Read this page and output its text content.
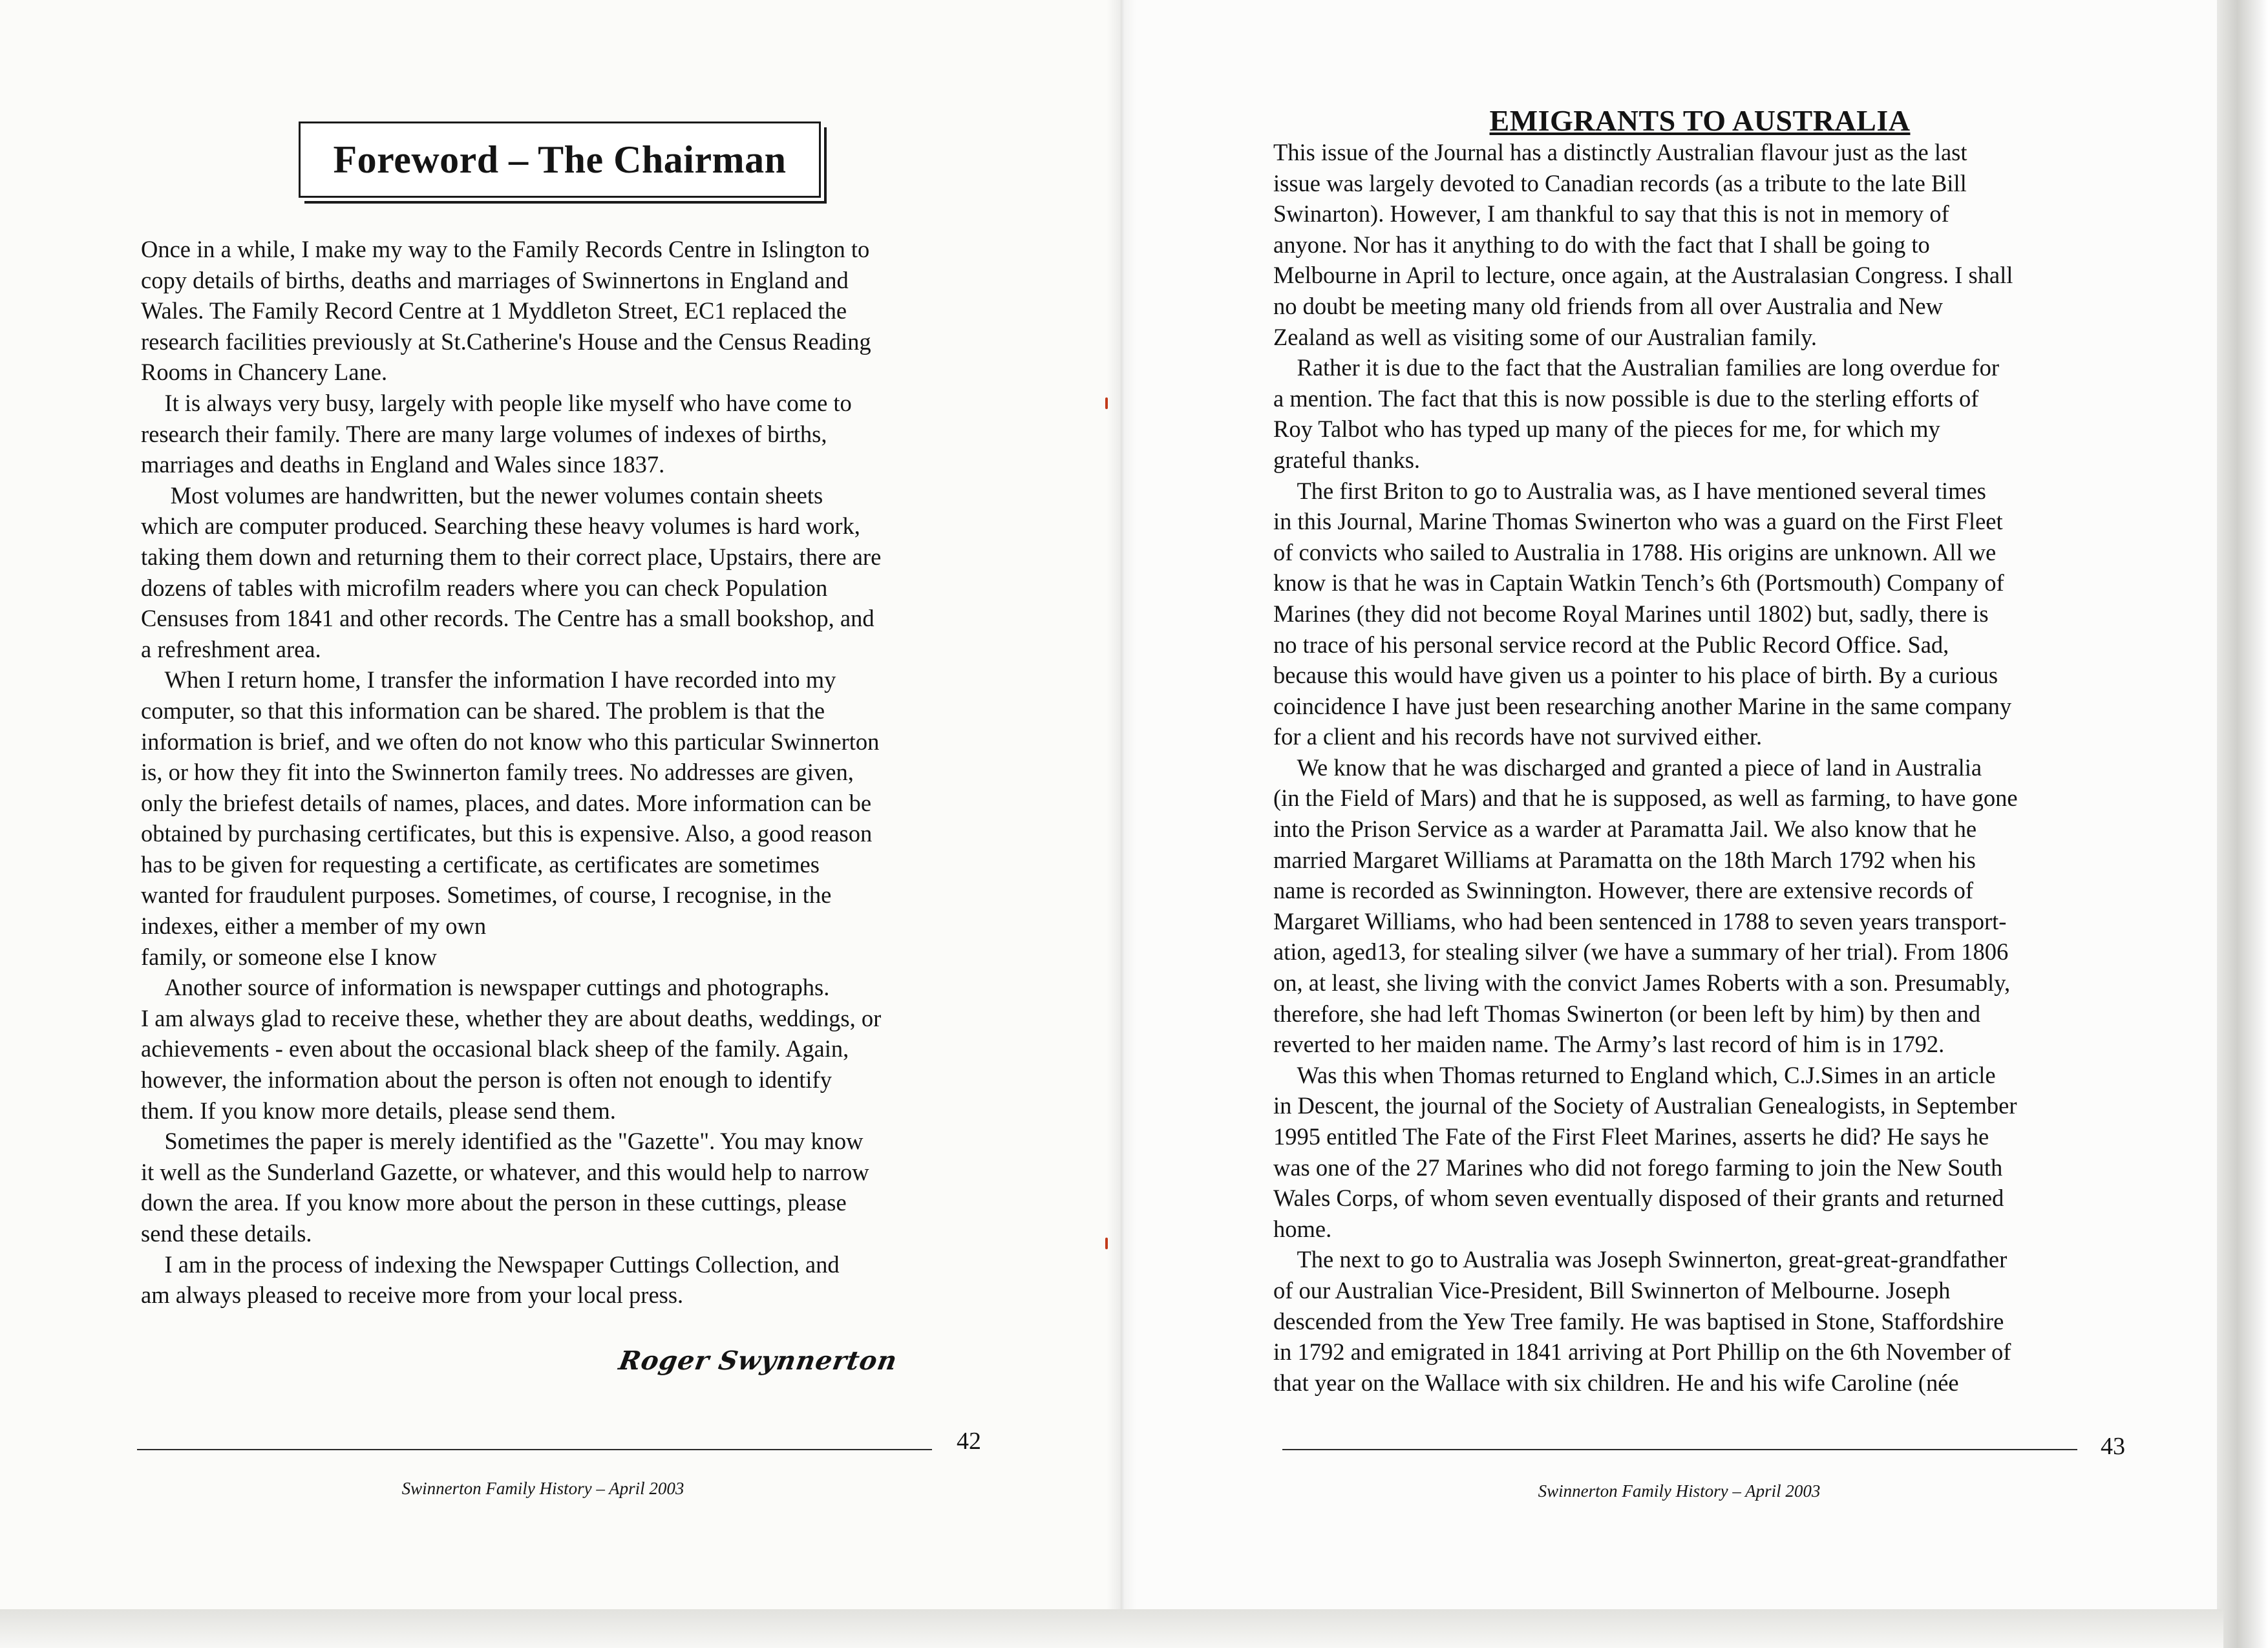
Foreword – The Chairman
Once in a while, I make my way to the Family Records Centre in Islington to
copy details of births, deaths and marriages of Swinnertons in England and
Wales. The Family Record Centre at 1 Myddleton Street, EC1 replaced the
research facilities previously at St.Catherine's House and the Census Reading
Rooms in Chancery Lane.
It is always very busy, largely with people like myself who have come to
research their family. There are many large volumes of indexes of births,
marriages and deaths in England and Wales since 1837.
Most volumes are handwritten, but the newer volumes contain sheets
which are computer produced. Searching these heavy volumes is hard work,
taking them down and returning them to their correct place, Upstairs, there are
dozens of tables with microfilm readers where you can check Population
Censuses from 1841 and other records. The Centre has a small bookshop, and
a refreshment area.
When I return home, I transfer the information I have recorded into my
computer, so that this information can be shared. The problem is that the
information is brief, and we often do not know who this particular Swinnerton
is, or how they fit into the Swinnerton family trees. No addresses are given,
only the briefest details of names, places, and dates. More information can be
obtained by purchasing certificates, but this is expensive. Also, a good reason
has to be given for requesting a certificate, as certificates are sometimes
wanted for fraudulent purposes. Sometimes, of course, I recognise, in the
indexes, either a member of my own
family, or someone else I know
Another source of information is newspaper cuttings and photographs.
I am always glad to receive these, whether they are about deaths, weddings, or
achievements - even about the occasional black sheep of the family. Again,
however, the information about the person is often not enough to identify
them. If you know more details, please send them.
Sometimes the paper is merely identified as the "Gazette". You may know
it well as the Sunderland Gazette, or whatever, and this would help to narrow
down the area. If you know more about the person in these cuttings, please
send these details.
I am in the process of indexing the Newspaper Cuttings Collection, and
am always pleased to receive more from your local press.
Roger Swynnerton
42
Swinnerton Family History – April 2003
EMIGRANTS TO AUSTRALIA
This issue of the Journal has a distinctly Australian flavour just as the last
issue was largely devoted to Canadian records (as a tribute to the late Bill
Swinarton). However, I am thankful to say that this is not in memory of
anyone. Nor has it anything to do with the fact that I shall be going to
Melbourne in April to lecture, once again, at the Australasian Congress. I shall
no doubt be meeting many old friends from all over Australia and New
Zealand as well as visiting some of our Australian family.
Rather it is due to the fact that the Australian families are long overdue for
a mention. The fact that this is now possible is due to the sterling efforts of
Roy Talbot who has typed up many of the pieces for me, for which my
grateful thanks.
The first Briton to go to Australia was, as I have mentioned several times
in this Journal, Marine Thomas Swinerton who was a guard on the First Fleet
of convicts who sailed to Australia in 1788. His origins are unknown. All we
know is that he was in Captain Watkin Tench’s 6th (Portsmouth) Company of
Marines (they did not become Royal Marines until 1802) but, sadly, there is
no trace of his personal service record at the Public Record Office. Sad,
because this would have given us a pointer to his place of birth. By a curious
coincidence I have just been researching another Marine in the same company
for a client and his records have not survived either.
We know that he was discharged and granted a piece of land in Australia
(in the Field of Mars) and that he is supposed, as well as farming, to have gone
into the Prison Service as a warder at Paramatta Jail. We also know that he
married Margaret Williams at Paramatta on the 18th March 1792 when his
name is recorded as Swinnington. However, there are extensive records of
Margaret Williams, who had been sentenced in 1788 to seven years transport-
ation, aged13, for stealing silver (we have a summary of her trial). From 1806
on, at least, she living with the convict James Roberts with a son. Presumably,
therefore, she had left Thomas Swinerton (or been left by him) by then and
reverted to her maiden name. The Army’s last record of him is in 1792.
Was this when Thomas returned to England which, C.J.Simes in an article
in Descent, the journal of the Society of Australian Genealogists, in September
1995 entitled The Fate of the First Fleet Marines, asserts he did? He says he
was one of the 27 Marines who did not forego farming to join the New South
Wales Corps, of whom seven eventually disposed of their grants and returned
home.
The next to go to Australia was Joseph Swinnerton, great-great-grandfather
of our Australian Vice-President, Bill Swinnerton of Melbourne. Joseph
descended from the Yew Tree family. He was baptised in Stone, Staffordshire
in 1792 and emigrated in 1841 arriving at Port Phillip on the 6th November of
that year on the Wallace with six children. He and his wife Caroline (née
43
Swinnerton Family History – April 2003
